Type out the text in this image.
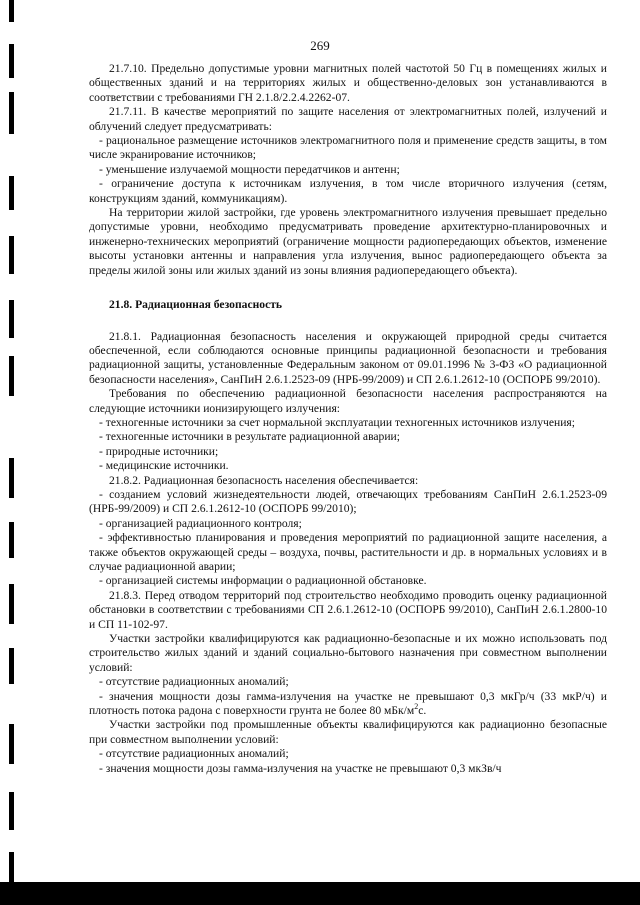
269

21.7.10. Предельно допустимые уровни магнитных полей частотой 50 Гц в помещениях жилых и общественных зданий и на территориях жилых и общественно-деловых зон устанавливаются в соответствии с требованиями ГН 2.1.8/2.2.4.2262-07.

21.7.11. В качестве мероприятий по защите населения от электромагнитных полей, излучений и облучений следует предусматривать:

- рациональное размещение источников электромагнитного поля и применение средств защиты, в том числе экранирование источников;

- уменьшение излучаемой мощности передатчиков и антенн;

- ограничение доступа к источникам излучения, в том числе вторичного излучения (сетям, конструкциям зданий, коммуникациям).

На территории жилой застройки, где уровень электромагнитного излучения превышает предельно допустимые уровни, необходимо предусматривать проведение архитектурно-планировочных и инженерно-технических мероприятий (ограничение мощности радиопередающих объектов, изменение высоты установки антенны и направления угла излучения, вынос радиопередающего объекта за пределы жилой зоны или жилых зданий из зоны влияния радиопередающего объекта).

21.8. Радиационная безопасность

21.8.1. Радиационная безопасность населения и окружающей природной среды считается обеспеченной, если соблюдаются основные принципы радиационной безопасности и требования радиационной защиты, установленные Федеральным законом от 09.01.1996 № 3-ФЗ «О радиационной безопасности населения», СанПиН 2.6.1.2523-09 (НРБ-99/2009) и СП 2.6.1.2612-10 (ОСПОРБ 99/2010).

Требования по обеспечению радиационной безопасности населения распространяются на следующие источники ионизирующего излучения:

- техногенные источники за счет нормальной эксплуатации техногенных источников излучения;

- техногенные источники в результате радиационной аварии;

- природные источники;

- медицинские источники.

21.8.2. Радиационная безопасность населения обеспечивается:

- созданием условий жизнедеятельности людей, отвечающих требованиям СанПиН 2.6.1.2523-09 (НРБ-99/2009) и СП 2.6.1.2612-10 (ОСПОРБ 99/2010);

- организацией радиационного контроля;

- эффективностью планирования и проведения мероприятий по радиационной защите населения, а также объектов окружающей среды – воздуха, почвы, растительности и др. в нормальных условиях и в случае радиационной аварии;

- организацией системы информации о радиационной обстановке.

21.8.3. Перед отводом территорий под строительство необходимо проводить оценку радиационной обстановки в соответствии с требованиями СП 2.6.1.2612-10 (ОСПОРБ 99/2010), СанПиН 2.6.1.2800-10 и СП 11-102-97.

Участки застройки квалифицируются как радиационно-безопасные и их можно использовать под строительство жилых зданий и зданий социально-бытового назначения при совместном выполнении условий:

- отсутствие радиационных аномалий;

- значения мощности дозы гамма-излучения на участке не превышают 0,3 мкГр/ч (33 мкР/ч) и плотность потока радона с поверхности грунта не более 80 мБк/$м^2с$.

Участки застройки под промышленные объекты квалифицируются как радиационно безопасные при совместном выполнении условий:

- отсутствие радиационных аномалий;

- значения мощности дозы гамма-излучения на участке не превышают 0,3 мкЗв/ч
